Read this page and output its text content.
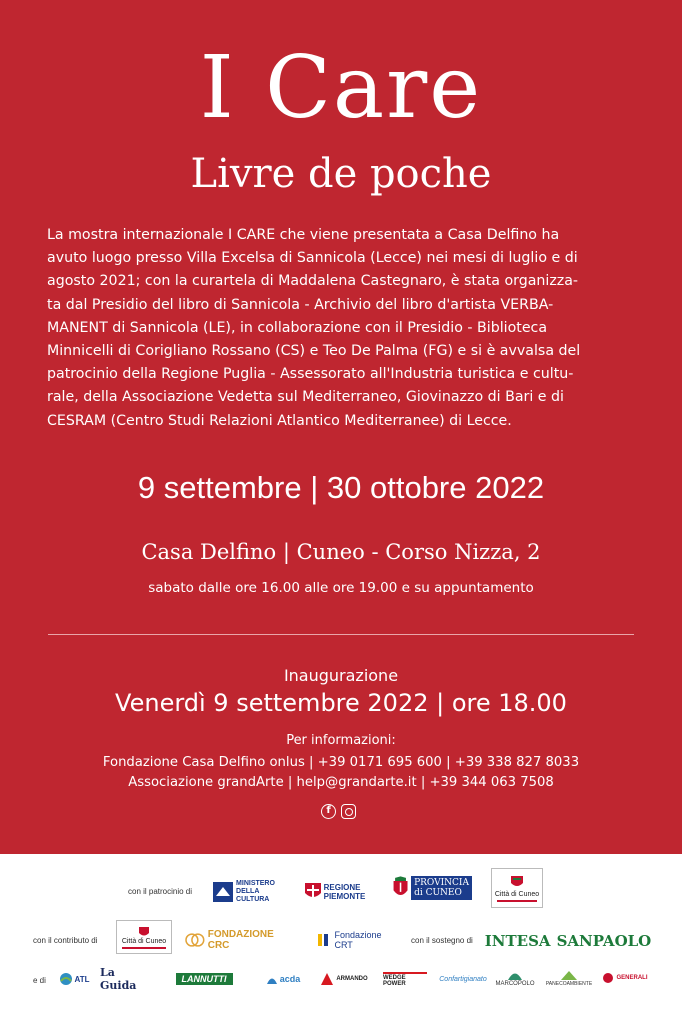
I Care
Livre de poche
La mostra internazionale I CARE che viene presentata a Casa Delfino ha
avuto luogo presso Villa Excelsa di Sannicola (Lecce) nei mesi di luglio e di
agosto 2021; con la curartela di Maddalena Castegnaro, è stata organizza-
ta dal Presidio del libro di Sannicola - Archivio del libro d'artista VERBA-
MANENT di Sannicola (LE), in collaborazione con il Presidio - Biblioteca
Minnicelli di Corigliano Rossano (CS) e Teo De Palma (FG) e si è avvalsa del
patrocinio della Regione Puglia - Assessorato all'Industria turistica e cultu-
rale, della Associazione Vedetta sul Mediterraneo, Giovinazzo di Bari e di
CESRAM (Centro Studi Relazioni Atlantico Mediterranee) di Lecce.
9 settembre | 30 ottobre 2022
Casa Delfino | Cuneo - Corso Nizza, 2
sabato dalle ore 16.00 alle ore 19.00 e su appuntamento
Inaugurazione
Venerdì 9 settembre 2022 | ore 18.00
Per informazioni:
Fondazione Casa Delfino onlus | +39 0171 695 600 | +39 338 827 8033
Associazione grandArte | help@grandarte.it | +39 344 063 7508
f
con il patrocinio di
MINISTERO
DELLA
CULTURA
REGIONE
PIEMONTE
PROVINCIA
di CUNEO	Città di Cuneo
con il contributo di	Città di Cuneo
FONDAZIONE CRC
Fondazione
CRT	con il sostegno di INTESA SANPAOLO
e di	ATL La Guida	LANNUTTI	acda	ARMANDO	WEDGE POWER
Confartigianato
MARCOPOLO PANECOAMBIENTE
GENERALI
